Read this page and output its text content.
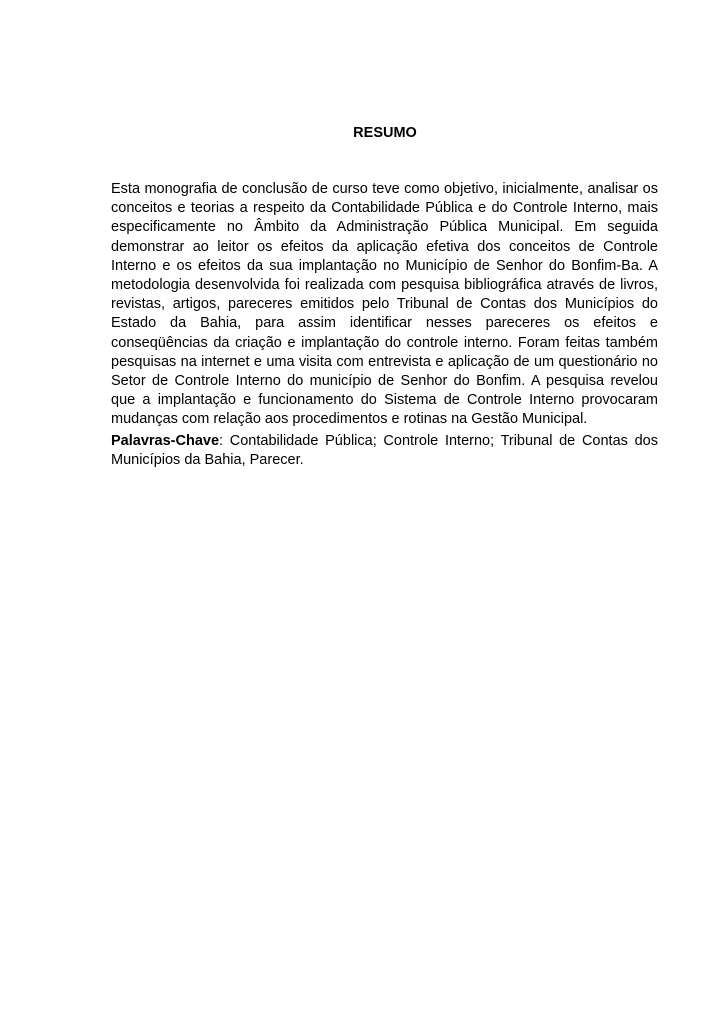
RESUMO

Esta monografia de conclusão de curso teve como objetivo, inicialmente, analisar os conceitos e teorias a respeito da Contabilidade Pública e do Controle Interno, mais especificamente no Âmbito da Administração Pública Municipal. Em seguida demonstrar ao leitor os efeitos da aplicação efetiva dos conceitos de Controle Interno e os efeitos da sua implantação no Município de Senhor do Bonfim-Ba. A metodologia desenvolvida foi realizada com pesquisa bibliográfica através de livros, revistas, artigos, pareceres emitidos pelo Tribunal de Contas dos Municípios do Estado da Bahia, para assim identificar nesses pareceres os efeitos e conseqüências da criação e implantação do controle interno. Foram feitas também pesquisas na internet e uma visita com entrevista e aplicação de um questionário no Setor de Controle Interno do município de Senhor do Bonfim. A pesquisa revelou que a implantação e funcionamento do Sistema de Controle Interno provocaram mudanças com relação aos procedimentos e rotinas na Gestão Municipal.

Palavras-Chave: Contabilidade Pública; Controle Interno; Tribunal de Contas dos Municípios da Bahia, Parecer.
